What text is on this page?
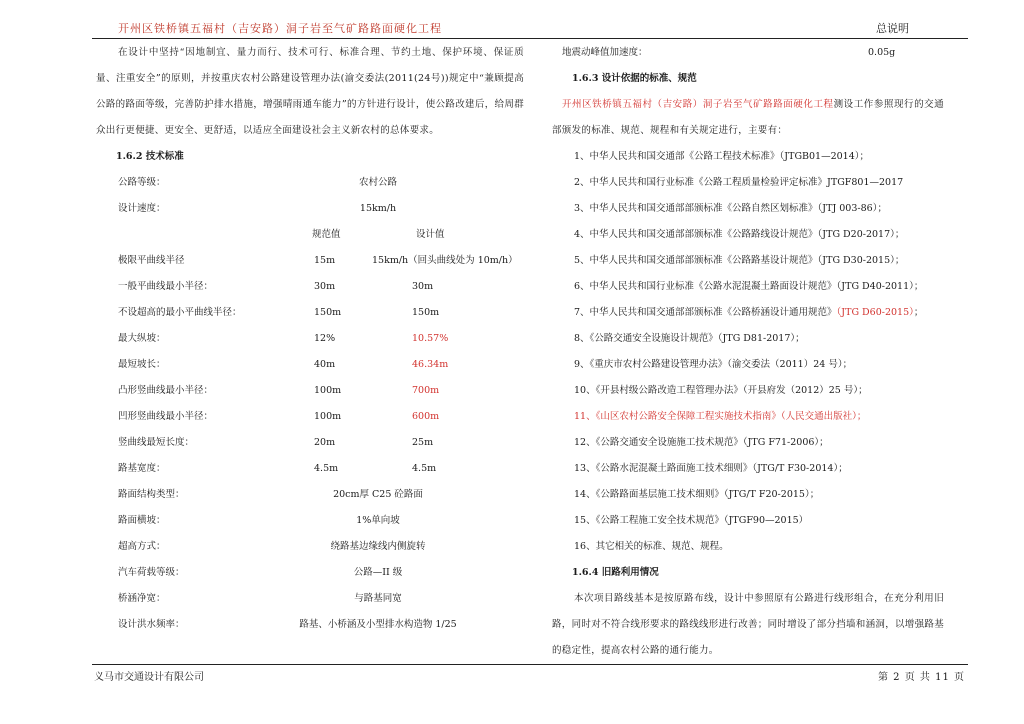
开州区铁桥镇五福村（吉安路）洞子岩至气矿路路面硬化工程	总说明

在设计中坚持“因地制宜、量力而行、技术可行、标准合理、节约土地、保护环境、保证质量、注重安全”的原则，并按重庆农村公路建设管理办法(渝交委法(2011(24号))规定中“兼顾提高公路的路面等级，完善防护排水措施，增强晴雨通车能力”的方针进行设计，使公路改建后，给周群众出行更便捷、更安全、更舒适，以适应全面建设社会主义新农村的总体要求。

1.6.2 技术标准
公路等级：	农村公路
设计速度：	15km/h
规范值	设计值
极限平曲线半径	15m	15km/h（回头曲线处为 10m/h）
一般平曲线最小半径：	30m	30m
不设超高的最小平曲线半径：	150m	150m
最大纵坡：	12%	10.57%
最短坡长：	40m	46.34m
凸形竖曲线最小半径：	100m	700m
凹形竖曲线最小半径：	100m	600m
竖曲线最短长度：	20m	25m
路基宽度：	4.5m	4.5m
路面结构类型：	20cm厚 C25 砼路面
路面横坡：	1%单向坡
超高方式：	绕路基边缘线内侧旋转
汽车荷载等级：	公路—II 级
桥涵净宽：	与路基同宽
设计洪水频率：	路基、小桥涵及小型排水构造物 1/25
地震动峰值加速度：	0.05g
1.6.3 设计依据的标准、规范

开州区铁桥镇五福村（吉安路）洞子岩至气矿路路面硬化工程测设工作参照现行的交通部颁发的标准、规范、规程和有关规定进行，主要有：

1、中华人民共和国交通部《公路工程技术标准》（JTGB01—2014）；
2、中华人民共和国行业标准《公路工程质量检验评定标准》JTGF801—2017
3、中华人民共和国交通部部颁标准《公路自然区划标准》（JTJ 003-86）；
4、中华人民共和国交通部部颁标准《公路路线设计规范》（JTG D20-2017）；
5、中华人民共和国交通部部颁标准《公路路基设计规范》（JTG D30-2015）；
6、中华人民共和国行业标准《公路水泥混凝土路面设计规范》（JTG D40-2011）；
7、中华人民共和国交通部部颁标准《公路桥涵设计通用规范》（JTG D60-2015）；
8、《公路交通安全设施设计规范》（JTG D81-2017）；
9、《重庆市农村公路建设管理办法》（渝交委法（2011）24 号）；
10、《开县村级公路改造工程管理办法》（开县府发（2012）25 号）；
11、《山区农村公路安全保障工程实施技术指南》（人民交通出版社）；
12、《公路交通安全设施施工技术规范》（JTG F71-2006）；
13、《公路水泥混凝土路面施工技术细则》（JTG/T F30-2014）；
14、《公路路面基层施工技术细则》（JTG/T F20-2015）；
15、《公路工程施工安全技术规范》（JTGF90—2015）
16、其它相关的标准、规范、规程。
1.6.4 旧路利用情况

本次项目路线基本是按原路布线，设计中参照原有公路进行线形组合，在充分利用旧路，同时对不符合线形要求的路线线形进行改善；同时增设了部分挡墙和涵洞，以增强路基的稳定性，提高农村公路的通行能力。

义马市交通设计有限公司	第 2 页 共 11 页
